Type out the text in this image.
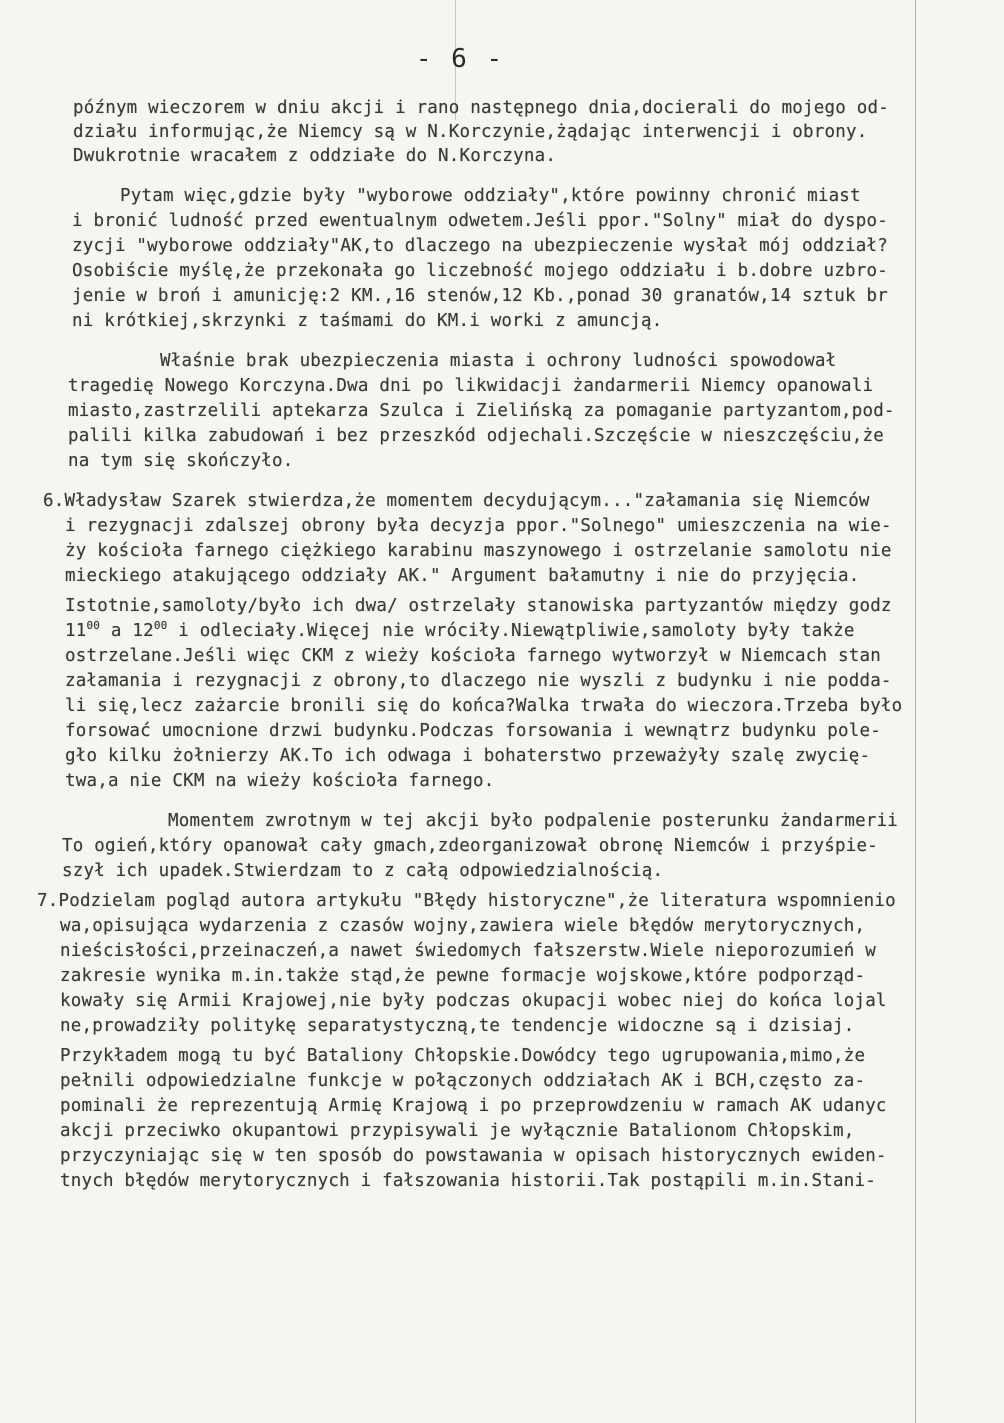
- 6 -
późnym wieczorem w dniu akcji i rano następnego dnia,docierali do mojego od-
działu informując,że Niemcy są w N.Korczynie,żądając interwencji i obrony.
Dwukrotnie wracałem z oddziałe do N.Korczyna.
Pytam więc,gdzie były "wyborowe oddziały",które powinny chronić miast
i bronić ludność przed ewentualnym odwetem.Jeśli ppor."Solny" miał do dyspo-
zycji "wyborowe oddziały"AK,to dlaczego na ubezpieczenie wysłał mój oddział?
Osobiście myślę,że przekonała go liczebność mojego oddziału i b.dobre uzbro-
jenie w broń i amunicję:2 KM.,16 stenów,12 Kb.,ponad 30 granatów,14 sztuk br
ni krótkiej,skrzynki z taśmami do KM.i worki z amuncją.
Właśnie brak ubezpieczenia miasta i ochrony ludności spowodował
tragedię Nowego Korczyna.Dwa dni po likwidacji żandarmerii Niemcy opanowali
miasto,zastrzelili aptekarza Szulca i Zielińską za pomaganie partyzantom,pod-
palili kilka zabudowań i bez przeszkód odjechali.Szczęście w nieszczęściu,że
na tym się skończyło.
6.Władysław Szarek stwierdza,że momentem decydującym..."załamania się Niemców
i rezygnacji zdalszej obrony była decyzja ppor."Solnego" umieszczenia na wie-
ży kościoła farnego ciężkiego karabinu maszynowego i ostrzelanie samolotu nie
mieckiego atakującego oddziały AK." Argument bałamutny i nie do przyjęcia.
Istotnie,samoloty/było ich dwa/ ostrzelały stanowiska partyzantów między godz
$11^{00}$ a $12^{00}$ i odleciały.Więcej nie wróciły.Niewątpliwie,samoloty były także
ostrzelane.Jeśli więc CKM z wieży kościoła farnego wytworzył w Niemcach stan
załamania i rezygnacji z obrony,to dlaczego nie wyszli z budynku i nie podda-
li się,lecz zażarcie bronili się do końca?Walka trwała do wieczora.Trzeba było
forsować umocnione drzwi budynku.Podczas forsowania i wewnątrz budynku pole-
gło kilku żołnierzy AK.To ich odwaga i bohaterstwo przeważyły szalę zwycię-
twa,a nie CKM na wieży kościoła farnego.
Momentem zwrotnym w tej akcji było podpalenie posterunku żandarmerii
To ogień,który opanował cały gmach,zdeorganizował obronę Niemców i przyśpie-
szył ich upadek.Stwierdzam to z całą odpowiedzialnością.
7.Podzielam pogląd autora artykułu "Błędy historyczne",że literatura wspomnienio
wa,opisująca wydarzenia z czasów wojny,zawiera wiele błędów merytorycznych,
nieścisłości,przeinaczeń,a nawet świedomych fałszerstw.Wiele nieporozumień w
zakresie wynika m.in.także stąd,że pewne formacje wojskowe,które podporząd-
kowały się Armii Krajowej,nie były podczas okupacji wobec niej do końca lojal
ne,prowadziły politykę separatystyczną,te tendencje widoczne są i dzisiaj.
Przykładem mogą tu być Bataliony Chłopskie.Dowódcy tego ugrupowania,mimo,że
pełnili odpowiedzialne funkcje w połączonych oddziałach AK i BCH,często za-
pominali że reprezentują Armię Krajową i po przeprowdzeniu w ramach AK udanyc
akcji przeciwko okupantowi przypisywali je wyłącznie Batalionom Chłopskim,
przyczyniając się w ten sposób do powstawania w opisach historycznych ewiden-
tnych błędów merytorycznych i fałszowania historii.Tak postąpili m.in.Stani-
